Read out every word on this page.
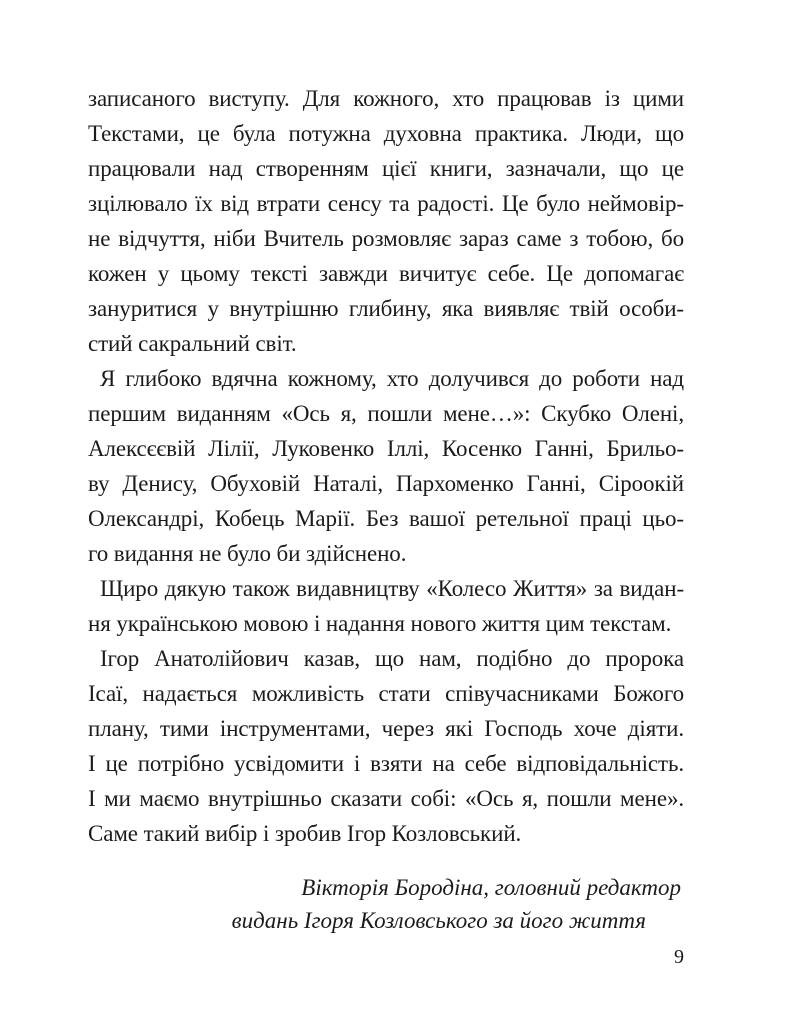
записаного виступу. Для кожного, хто працював із цими
Текстами, це була потужна духовна практика. Люди, що
працювали над створенням цієї книги, зазначали, що це
зцілювало їх від втрати сенсу та радості. Це було неймовір-
не відчуття, ніби Вчитель розмовляє зараз саме з тобою, бо
кожен у цьому тексті завжди вичитує себе. Це допомагає
зануритися у внутрішню глибину, яка виявляє твій особи-
стий сакральний світ.
Я глибоко вдячна кожному, хто долучився до роботи над
першим виданням «Ось я, пошли мене…»: Скубко Олені,
Алексєєвій Лілії, Луковенко Іллі, Косенко Ганні, Брильо-
ву Денису, Обуховій Наталі, Пархоменко Ганні, Сіроокій
Олександрі, Кобець Марії. Без вашої ретельної праці цьо-
го видання не було би здійснено.
Щиро дякую також видавництву «Колесо Життя» за видан-
ня українською мовою і надання нового життя цим текстам.
Ігор Анатолійович казав, що нам, подібно до пророка
Ісаї, надається можливість стати співучасниками Божого
плану, тими інструментами, через які Господь хоче діяти.
І це потрібно усвідомити і взяти на себе відповідальність.
І ми маємо внутрішньо сказати собі: «Ось я, пошли мене».
Саме такий вибір і зробив Ігор Козловський.
Вікторія Бородіна, головний редактор
видань Ігоря Козловського за його життя
9
